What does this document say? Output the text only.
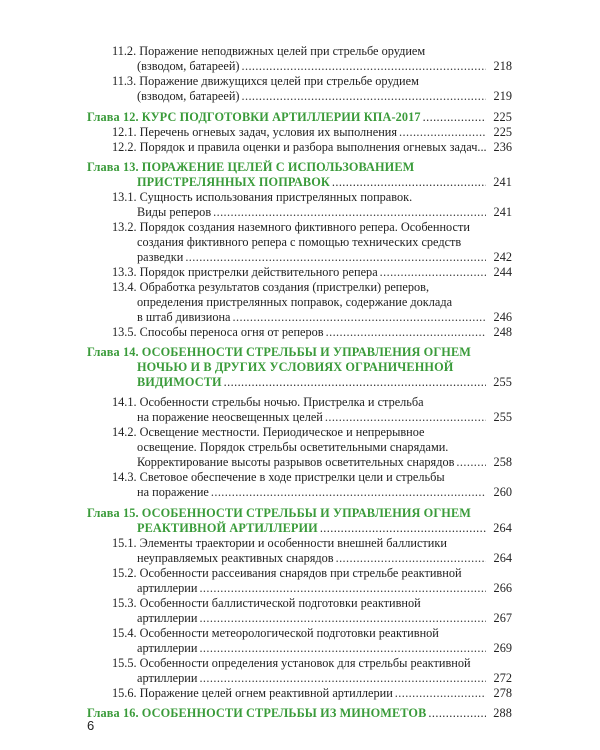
11.2. Поражение неподвижных целей при стрельбе орудием
(взводом, батареей) .....	218
11.3. Поражение движущихся целей при стрельбе орудием
(взводом, батареей) .....	219
Глава 12. КУРС ПОДГОТОВКИ АРТИЛЛЕРИИ КПА-2017 .....	225
12.1. Перечень огневых задач, условия их выполнения .....	225
12.2. Порядок и правила оценки и разбора выполнения огневых задач... 236
Глава 13. ПОРАЖЕНИЕ ЦЕЛЕЙ С ИСПОЛЬЗОВАНИЕМ
ПРИСТРЕЛЯННЫХ ПОПРАВОК .....	241
13.1. Сущность использования пристрелянных поправок.
Виды реперов .....	241
13.2. Порядок создания наземного фиктивного репера. Особенности
создания фиктивного репера с помощью технических средств
разведки .....	242
13.3. Порядок пристрелки действительного репера .....	244
13.4. Обработка результатов создания (пристрелки) реперов,
определения пристрелянных поправок, содержание доклада
в штаб дивизиона .....	246
13.5. Способы переноса огня от реперов .....	248
Глава 14. ОСОБЕННОСТИ СТРЕЛЬБЫ И УПРАВЛЕНИЯ ОГНЕМ
НОЧЬЮ И В ДРУГИХ УСЛОВИЯХ ОГРАНИЧЕННОЙ
ВИДИМОСТИ .....	255
14.1. Особенности стрельбы ночью. Пристрелка и стрельба
на поражение неосвещенных целей .....	255
14.2. Освещение местности. Периодическое и непрерывное
освещение. Порядок стрельбы осветительными снарядами.
Корректирование высоты разрывов осветительных снарядов .....	258
14.3. Световое обеспечение в ходе пристрелки цели и стрельбы
на поражение .....	260
Глава 15. ОСОБЕННОСТИ СТРЕЛЬБЫ И УПРАВЛЕНИЯ ОГНЕМ
РЕАКТИВНОЙ АРТИЛЛЕРИИ .....	264
15.1. Элементы траектории и особенности внешней баллистики
неуправляемых реактивных снарядов .....	264
15.2. Особенности рассеивания снарядов при стрельбе реактивной
артиллерии .....	266
15.3. Особенности баллистической подготовки реактивной
артиллерии .....	267
15.4. Особенности метеорологической подготовки реактивной
артиллерии .....	269
15.5. Особенности определения установок для стрельбы реактивной
артиллерии .....	272
15.6. Поражение целей огнем реактивной артиллерии .....	278
Глава 16. ОСОБЕННОСТИ СТРЕЛЬБЫ ИЗ МИНОМЕТОВ .....	288
6
